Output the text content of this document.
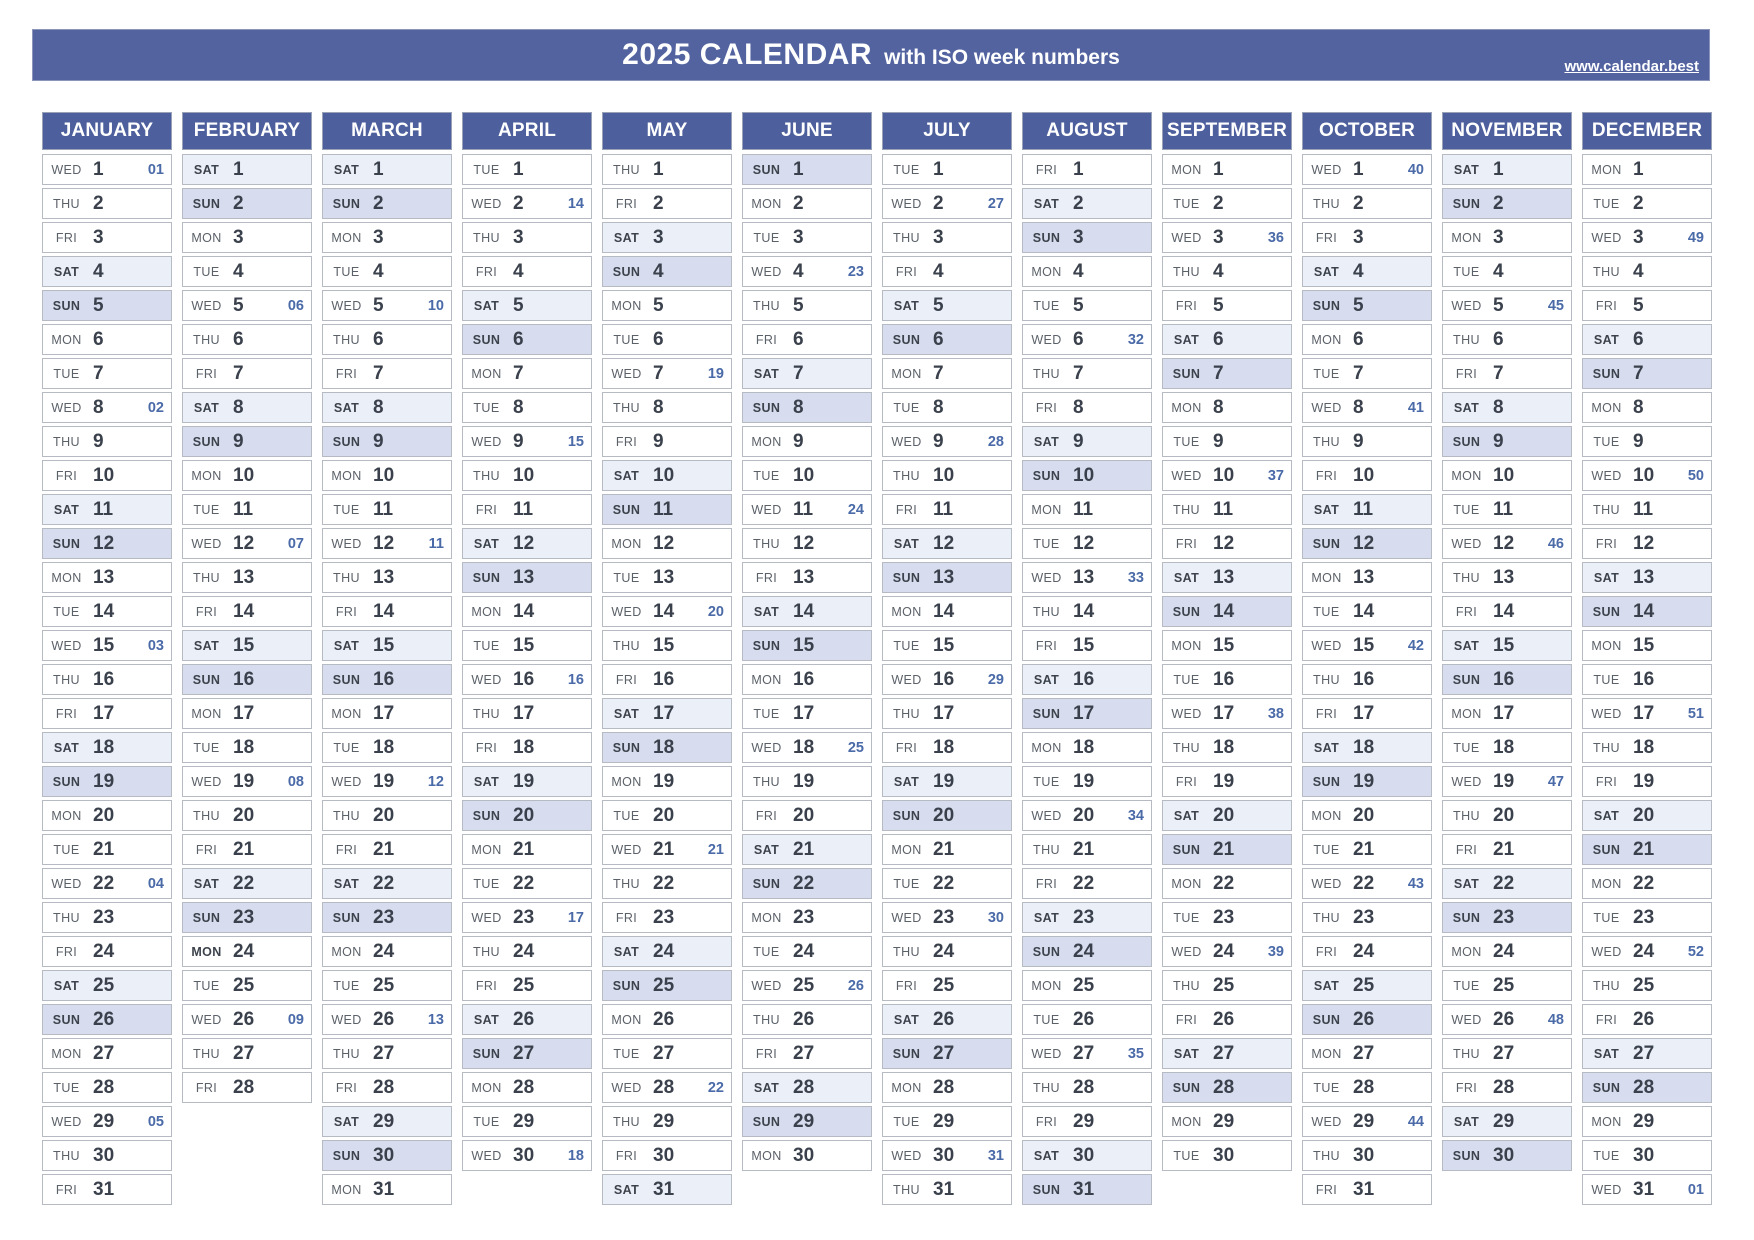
2025 CALENDAR with ISO week numbers	www.calendar.best
JANUARY
WED 1	01
THU 2
FRI 3
SAT 4
SUN 5
MON 6
TUE 7
WED 8	02
THU 9
FRI 10
SAT 11
SUN 12
MON 13
TUE 14
WED 15 03
THU 16
FRI 17
SAT 18
SUN 19
MON 20
TUE 21
WED 22 04
THU 23
FRI 24
SAT 25
SUN 26
MON 27
TUE 28
WED 29 05
THU 30
FRI 31
FEBRUARY
SAT 1
SUN 2
MON 3
TUE 4
WED 5	06
THU 6
FRI 7
SAT 8
SUN 9
MON 10
TUE 11
WED 12 07
THU 13
FRI 14
SAT 15
SUN 16
MON 17
TUE 18
WED 19 08
THU 20
FRI 21
SAT 22
SUN 23
MON 24
TUE 25
WED 26 09
THU 27
FRI 28
MARCH
SAT 1
SUN 2
MON 3
TUE 4
WED 5	10
THU 6
FRI 7
SAT 8
SUN 9
MON 10
TUE 11
WED 12 11
THU 13
FRI 14
SAT 15
SUN 16
MON 17
TUE 18
WED 19 12
THU 20
FRI 21
SAT 22
SUN 23
MON 24
TUE 25
WED 26 13
THU 27
FRI 28
SAT 29
SUN 30
MON 31
APRIL
TUE 1
WED 2	14
THU 3
FRI 4
SAT 5
SUN 6
MON 7
TUE 8
WED 9	15
THU 10
FRI 11
SAT 12
SUN 13
MON 14
TUE 15
WED 16 16
THU 17
FRI 18
SAT 19
SUN 20
MON 21
TUE 22
WED 23 17
THU 24
FRI 25
SAT 26
SUN 27
MON 28
TUE 29
WED 30 18
MAY
THU 1
FRI 2
SAT 3
SUN 4
MON 5
TUE 6
WED 7	19
THU 8
FRI 9
SAT 10
SUN 11
MON 12
TUE 13
WED 14 20
THU 15
FRI 16
SAT 17
SUN 18
MON 19
TUE 20
WED 21 21
THU 22
FRI 23
SAT 24
SUN 25
MON 26
TUE 27
WED 28 22
THU 29
FRI 30
SAT 31
JUNE
SUN 1
MON 2
TUE 3
WED 4	23
THU 5
FRI 6
SAT 7
SUN 8
MON 9
TUE 10
WED 11 24
THU 12
FRI 13
SAT 14
SUN 15
MON 16
TUE 17
WED 18 25
THU 19
FRI 20
SAT 21
SUN 22
MON 23
TUE 24
WED 25 26
THU 26
FRI 27
SAT 28
SUN 29
MON 30
JULY
TUE 1
WED 2	27
THU 3
FRI 4
SAT 5
SUN 6
MON 7
TUE 8
WED 9	28
THU 10
FRI 11
SAT 12
SUN 13
MON 14
TUE 15
WED 16 29
THU 17
FRI 18
SAT 19
SUN 20
MON 21
TUE 22
WED 23 30
THU 24
FRI 25
SAT 26
SUN 27
MON 28
TUE 29
WED 30 31
THU 31
AUGUST
FRI 1
SAT 2
SUN 3
MON 4
TUE 5
WED 6	32
THU 7
FRI 8
SAT 9
SUN 10
MON 11
TUE 12
WED 13 33
THU 14
FRI 15
SAT 16
SUN 17
MON 18
TUE 19
WED 20 34
THU 21
FRI 22
SAT 23
SUN 24
MON 25
TUE 26
WED 27 35
THU 28
FRI 29
SAT 30
SUN 31
SEPTEMBER
MON 1
TUE 2
WED 3	36
THU 4
FRI 5
SAT 6
SUN 7
MON 8
TUE 9
WED 10 37
THU 11
FRI 12
SAT 13
SUN 14
MON 15
TUE 16
WED 17 38
THU 18
FRI 19
SAT 20
SUN 21
MON 22
TUE 23
WED 24 39
THU 25
FRI 26
SAT 27
SUN 28
MON 29
TUE 30
OCTOBER
WED 1	40
THU 2
FRI 3
SAT 4
SUN 5
MON 6
TUE 7
WED 8	41
THU 9
FRI 10
SAT 11
SUN 12
MON 13
TUE 14
WED 15 42
THU 16
FRI 17
SAT 18
SUN 19
MON 20
TUE 21
WED 22 43
THU 23
FRI 24
SAT 25
SUN 26
MON 27
TUE 28
WED 29 44
THU 30
FRI 31
NOVEMBER
SAT 1
SUN 2
MON 3
TUE 4
WED 5	45
THU 6
FRI 7
SAT 8
SUN 9
MON 10
TUE 11
WED 12 46
THU 13
FRI 14
SAT 15
SUN 16
MON 17
TUE 18
WED 19 47
THU 20
FRI 21
SAT 22
SUN 23
MON 24
TUE 25
WED 26 48
THU 27
FRI 28
SAT 29
SUN 30
DECEMBER
MON 1
TUE 2
WED 3	49
THU 4
FRI 5
SAT 6
SUN 7
MON 8
TUE 9
WED 10 50
THU 11
FRI 12
SAT 13
SUN 14
MON 15
TUE 16
WED 17 51
THU 18
FRI 19
SAT 20
SUN 21
MON 22
TUE 23
WED 24 52
THU 25
FRI 26
SAT 27
SUN 28
MON 29
TUE 30
WED 31 01
